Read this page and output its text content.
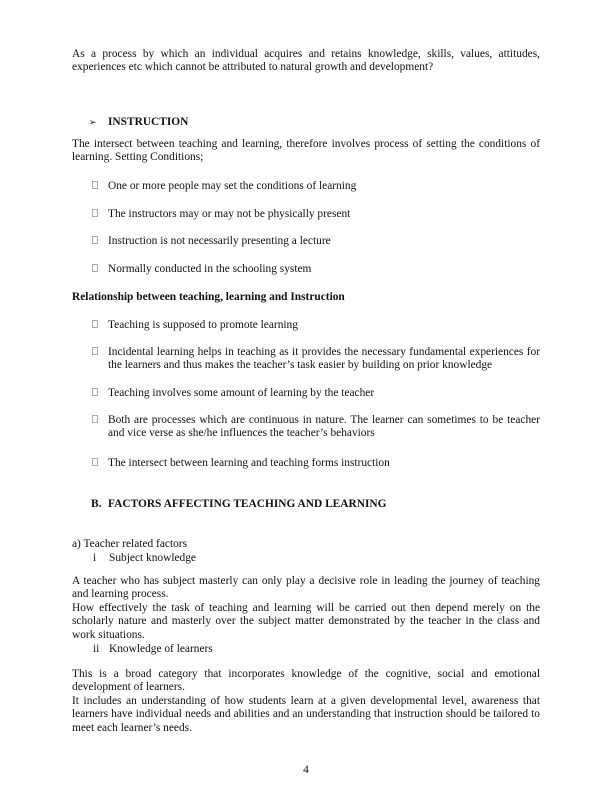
As a process by which an individual acquires and retains knowledge, skills, values, attitudes, experiences etc which cannot be attributed to natural growth and development?
➢ INSTRUCTION
The intersect between teaching and learning, therefore involves process of setting the conditions of learning. Setting Conditions;
One or more people may set the conditions of learning
The instructors may or may not be physically present
Instruction is not necessarily presenting a lecture
Normally conducted in the schooling system
Relationship between teaching, learning and Instruction
Teaching is supposed to promote learning
Incidental learning helps in teaching as it provides the necessary fundamental experiences for the learners and thus makes the teacher’s task easier by building on prior knowledge
Teaching involves some amount of learning by the teacher
Both are processes which are continuous in nature. The learner can sometimes to be teacher and vice verse as she/he influences the teacher’s behaviors
The intersect between learning and teaching forms instruction
B. FACTORS AFFECTING TEACHING AND LEARNING
a) Teacher related factors
i Subject knowledge
A teacher who has subject masterly can only play a decisive role in leading the journey of teaching and learning process.
How effectively the task of teaching and learning will be carried out then depend merely on the scholarly nature and masterly over the subject matter demonstrated by the teacher in the class and work situations.
ii Knowledge of learners
This is a broad category that incorporates knowledge of the cognitive, social and emotional development of learners.
It includes an understanding of how students learn at a given developmental level, awareness that learners have individual needs and abilities and an understanding that instruction should be tailored to meet each learner’s needs.
4
